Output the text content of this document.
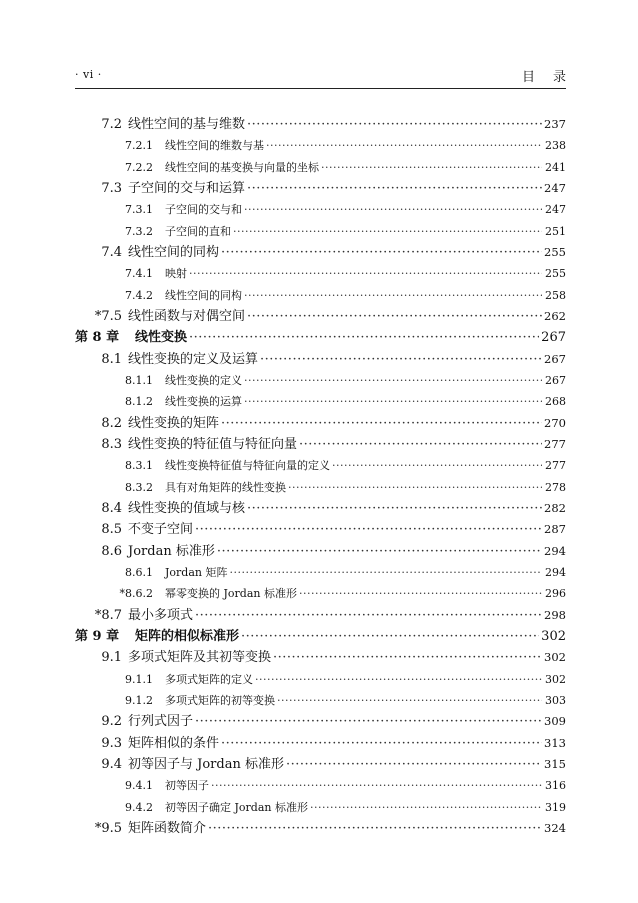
· vi ·	目录
7.2 线性空间的基与维数 ·····	237
7.2.1	线性空间的维数与基 ·····	238
7.2.2	线性空间的基变换与向量的坐标 ·····	241
7.3 子空间的交与和运算 ·····	247
7.3.1	子空间的交与和 ·····	247
7.3.2	子空间的直和 ·····	251
7.4 线性空间的同构 ·····	255
7.4.1	映射 ·····	255
7.4.2	线性空间的同构 ·····	258
*7.5 线性函数与对偶空间 ·····	262
第 8 章	线性变换 ·····	267
8.1 线性变换的定义及运算 ·····	267
8.1.1	线性变换的定义 ·····	267
8.1.2	线性变换的运算 ·····	268
8.2 线性变换的矩阵 ·····	270
8.3 线性变换的特征值与特征向量 ·····	277
8.3.1	线性变换特征值与特征向量的定义 ·····	277
8.3.2	具有对角矩阵的线性变换 ·····	278
8.4 线性变换的值域与核 ·····	282
8.5 不变子空间 ·····	287
8.6 Jordan 标准形 ·····	294
8.6.1	Jordan 矩阵 ·····	294
*8.6.2	幂零变换的 Jordan 标准形 ·····	296
*8.7 最小多项式 ·····	298
第 9 章	矩阵的相似标准形 ·····	302
9.1 多项式矩阵及其初等变换 ·····	302
9.1.1	多项式矩阵的定义 ·····	302
9.1.2	多项式矩阵的初等变换 ·····	303
9.2 行列式因子 ·····	309
9.3 矩阵相似的条件 ·····	313
9.4 初等因子与 Jordan 标准形 ·····	315
9.4.1	初等因子 ·····	316
9.4.2	初等因子确定 Jordan 标准形 ·····	319
*9.5 矩阵函数简介 ·····	324
